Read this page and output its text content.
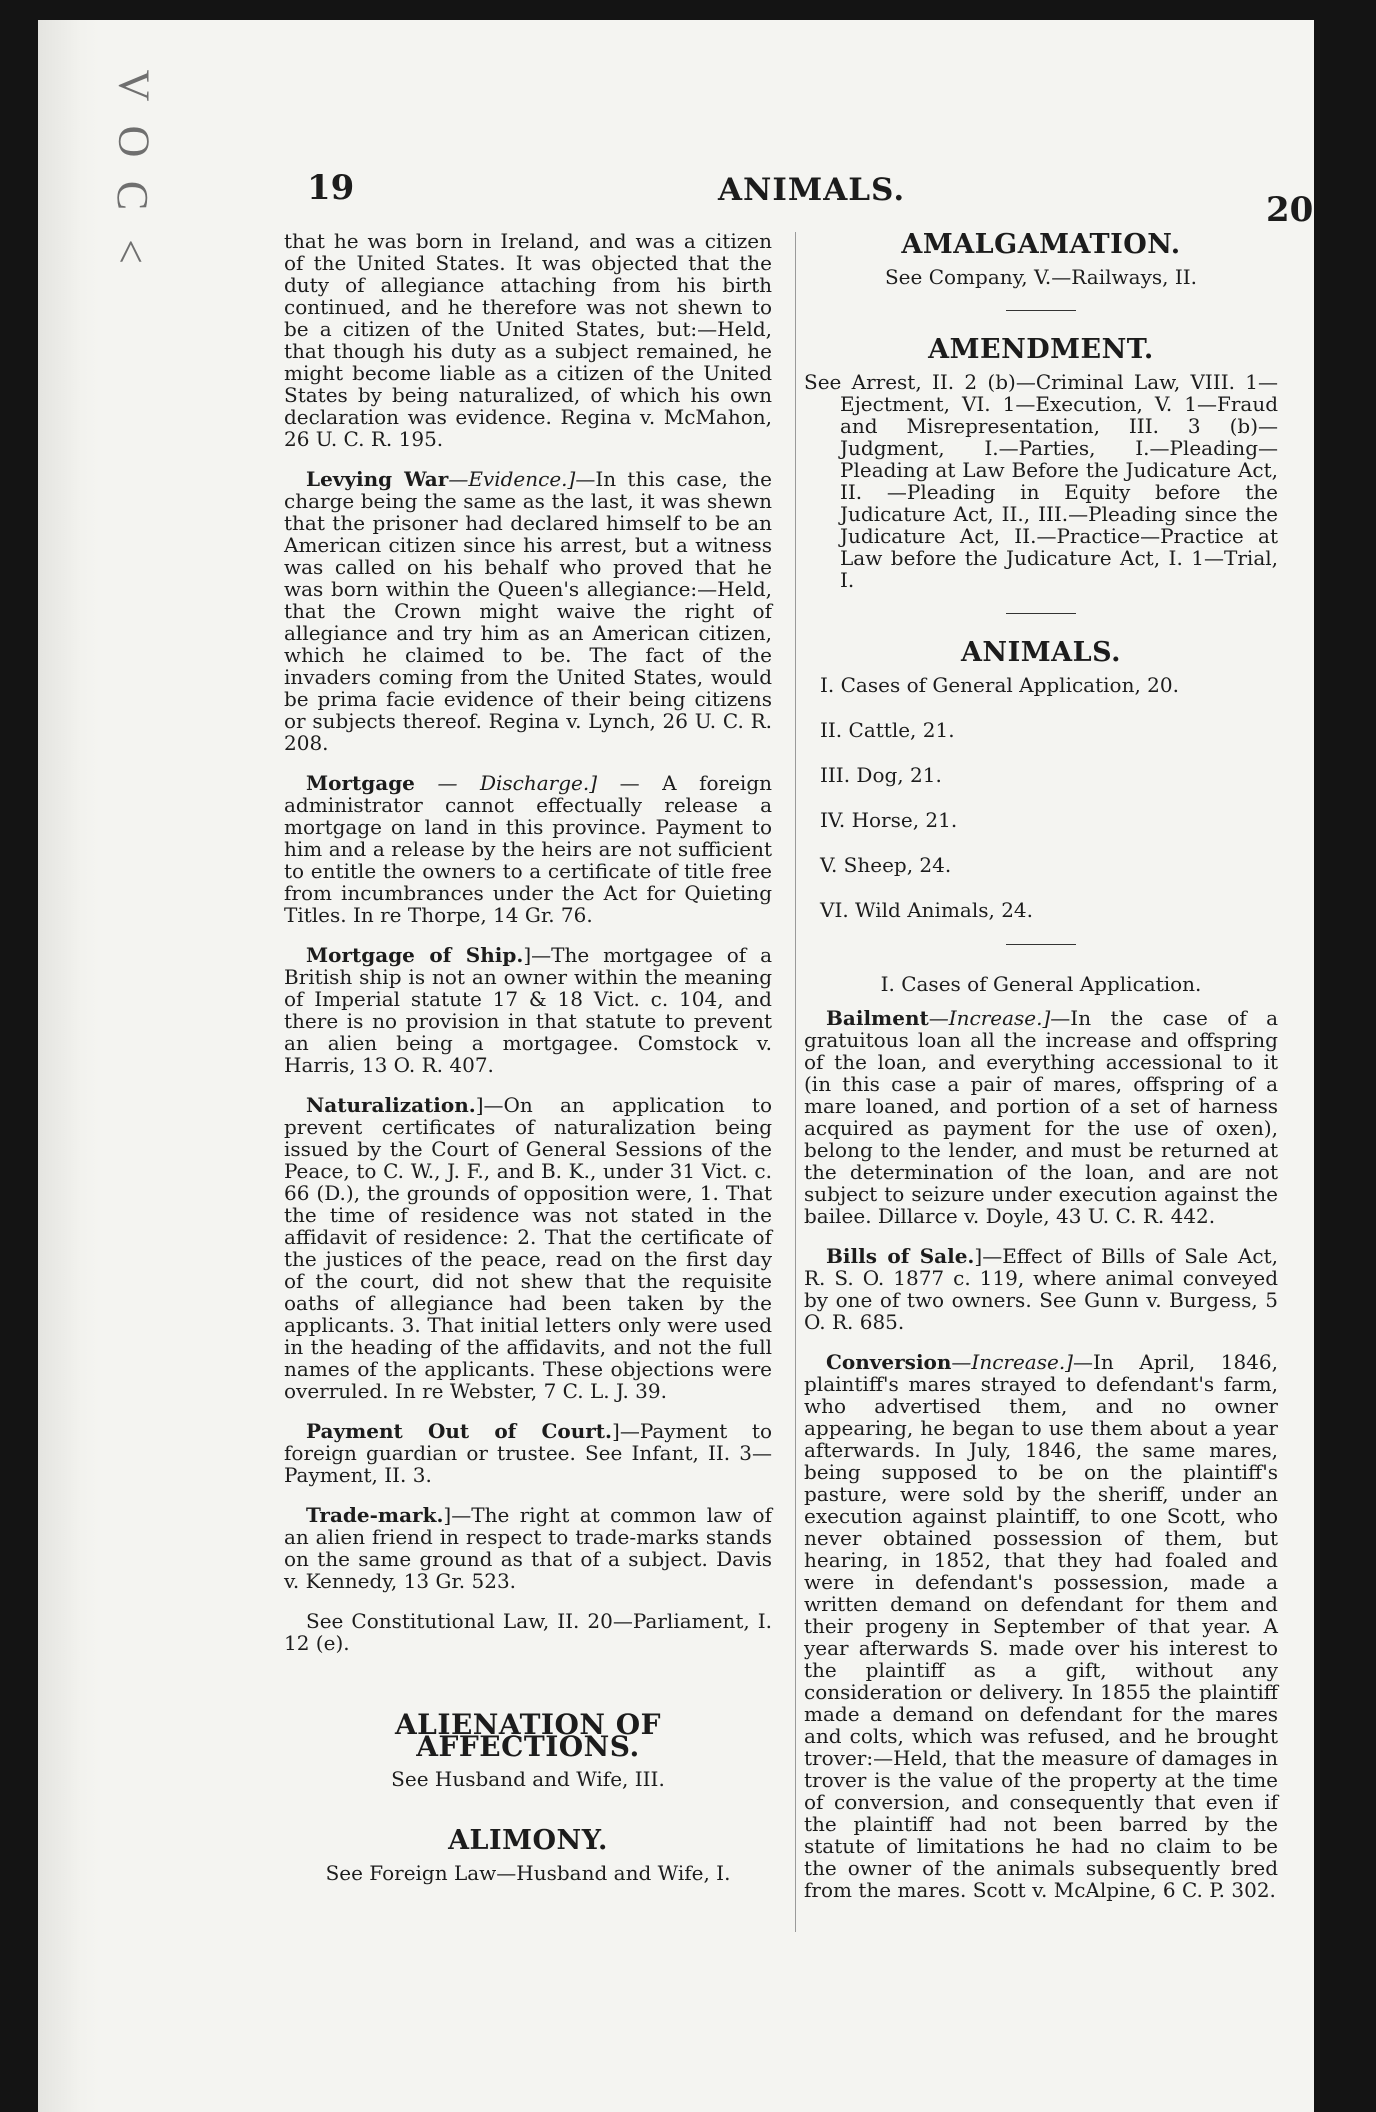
V
O
C
<
19	ANIMALS.	20

that he was born in Ireland, and was a citizen of the United States. It was objected that the duty of allegiance attaching from his birth continued, and he therefore was not shewn to be a citizen of the United States, but:—Held, that though his duty as a subject remained, he might become liable as a citizen of the United States by being naturalized, of which his own declaration was evidence. Regina v. McMahon, 26 U. C. R. 195.

Levying War—Evidence.]—In this case, the charge being the same as the last, it was shewn that the prisoner had declared himself to be an American citizen since his arrest, but a witness was called on his behalf who proved that he was born within the Queen's allegiance:—Held, that the Crown might waive the right of allegiance and try him as an American citizen, which he claimed to be. The fact of the invaders coming from the United States, would be prima facie evidence of their being citizens or subjects thereof. Regina v. Lynch, 26 U. C. R. 208.

Mortgage — Discharge.] — A foreign administrator cannot effectually release a mortgage on land in this province. Payment to him and a release by the heirs are not sufficient to entitle the owners to a certificate of title free from incumbrances under the Act for Quieting Titles. In re Thorpe, 14 Gr. 76.

Mortgage of Ship.]—The mortgagee of a British ship is not an owner within the meaning of Imperial statute 17 & 18 Vict. c. 104, and there is no provision in that statute to prevent an alien being a mortgagee. Comstock v. Harris, 13 O. R. 407.

Naturalization.]—On an application to prevent certificates of naturalization being issued by the Court of General Sessions of the Peace, to C. W., J. F., and B. K., under 31 Vict. c. 66 (D.), the grounds of opposition were, 1. That the time of residence was not stated in the affidavit of residence: 2. That the certificate of the justices of the peace, read on the first day of the court, did not shew that the requisite oaths of allegiance had been taken by the applicants. 3. That initial letters only were used in the heading of the affidavits, and not the full names of the applicants. These objections were overruled. In re Webster, 7 C. L. J. 39.

Payment Out of Court.]—Payment to foreign guardian or trustee. See Infant, II. 3—Payment, II. 3.

Trade-mark.]—The right at common law of an alien friend in respect to trade-marks stands on the same ground as that of a subject. Davis v. Kennedy, 13 Gr. 523.

See Constitutional Law, II. 20—Parliament, I. 12 (e).

ALIENATION OF AFFECTIONS.
See Husband and Wife, III.
ALIMONY.
See Foreign Law—Husband and Wife, I.
AMALGAMATION.
See Company, V.—Railways, II.
AMENDMENT.

See Arrest, II. 2 (b)—Criminal Law, VIII. 1—Ejectment, VI. 1—Execution, V. 1—Fraud and Misrepresentation, III. 3 (b)—Judgment, I.—Parties, I.—Pleading—Pleading at Law Before the Judicature Act, II. —Pleading in Equity before the Judicature Act, II., III.—Pleading since the Judicature Act, II.—Practice—Practice at Law before the Judicature Act, I. 1—Trial, I.

ANIMALS.
I. Cases of General Application, 20.
II. Cattle, 21.
III. Dog, 21.
IV. Horse, 21.
V. Sheep, 24.
VI. Wild Animals, 24.
I. Cases of General Application.

Bailment—Increase.]—In the case of a gratuitous loan all the increase and offspring of the loan, and everything accessional to it (in this case a pair of mares, offspring of a mare loaned, and portion of a set of harness acquired as payment for the use of oxen), belong to the lender, and must be returned at the determination of the loan, and are not subject to seizure under execution against the bailee. Dillarce v. Doyle, 43 U. C. R. 442.

Bills of Sale.]—Effect of Bills of Sale Act, R. S. O. 1877 c. 119, where animal conveyed by one of two owners. See Gunn v. Burgess, 5 O. R. 685.

Conversion—Increase.]—In April, 1846, plaintiff's mares strayed to defendant's farm, who advertised them, and no owner appearing, he began to use them about a year afterwards. In July, 1846, the same mares, being supposed to be on the plaintiff's pasture, were sold by the sheriff, under an execution against plaintiff, to one Scott, who never obtained possession of them, but hearing, in 1852, that they had foaled and were in defendant's possession, made a written demand on defendant for them and their progeny in September of that year. A year afterwards S. made over his interest to the plaintiff as a gift, without any consideration or delivery. In 1855 the plaintiff made a demand on defendant for the mares and colts, which was refused, and he brought trover:—Held, that the measure of damages in trover is the value of the property at the time of conversion, and consequently that even if the plaintiff had not been barred by the statute of limitations he had no claim to be the owner of the animals subsequently bred from the mares. Scott v. McAlpine, 6 C. P. 302.
